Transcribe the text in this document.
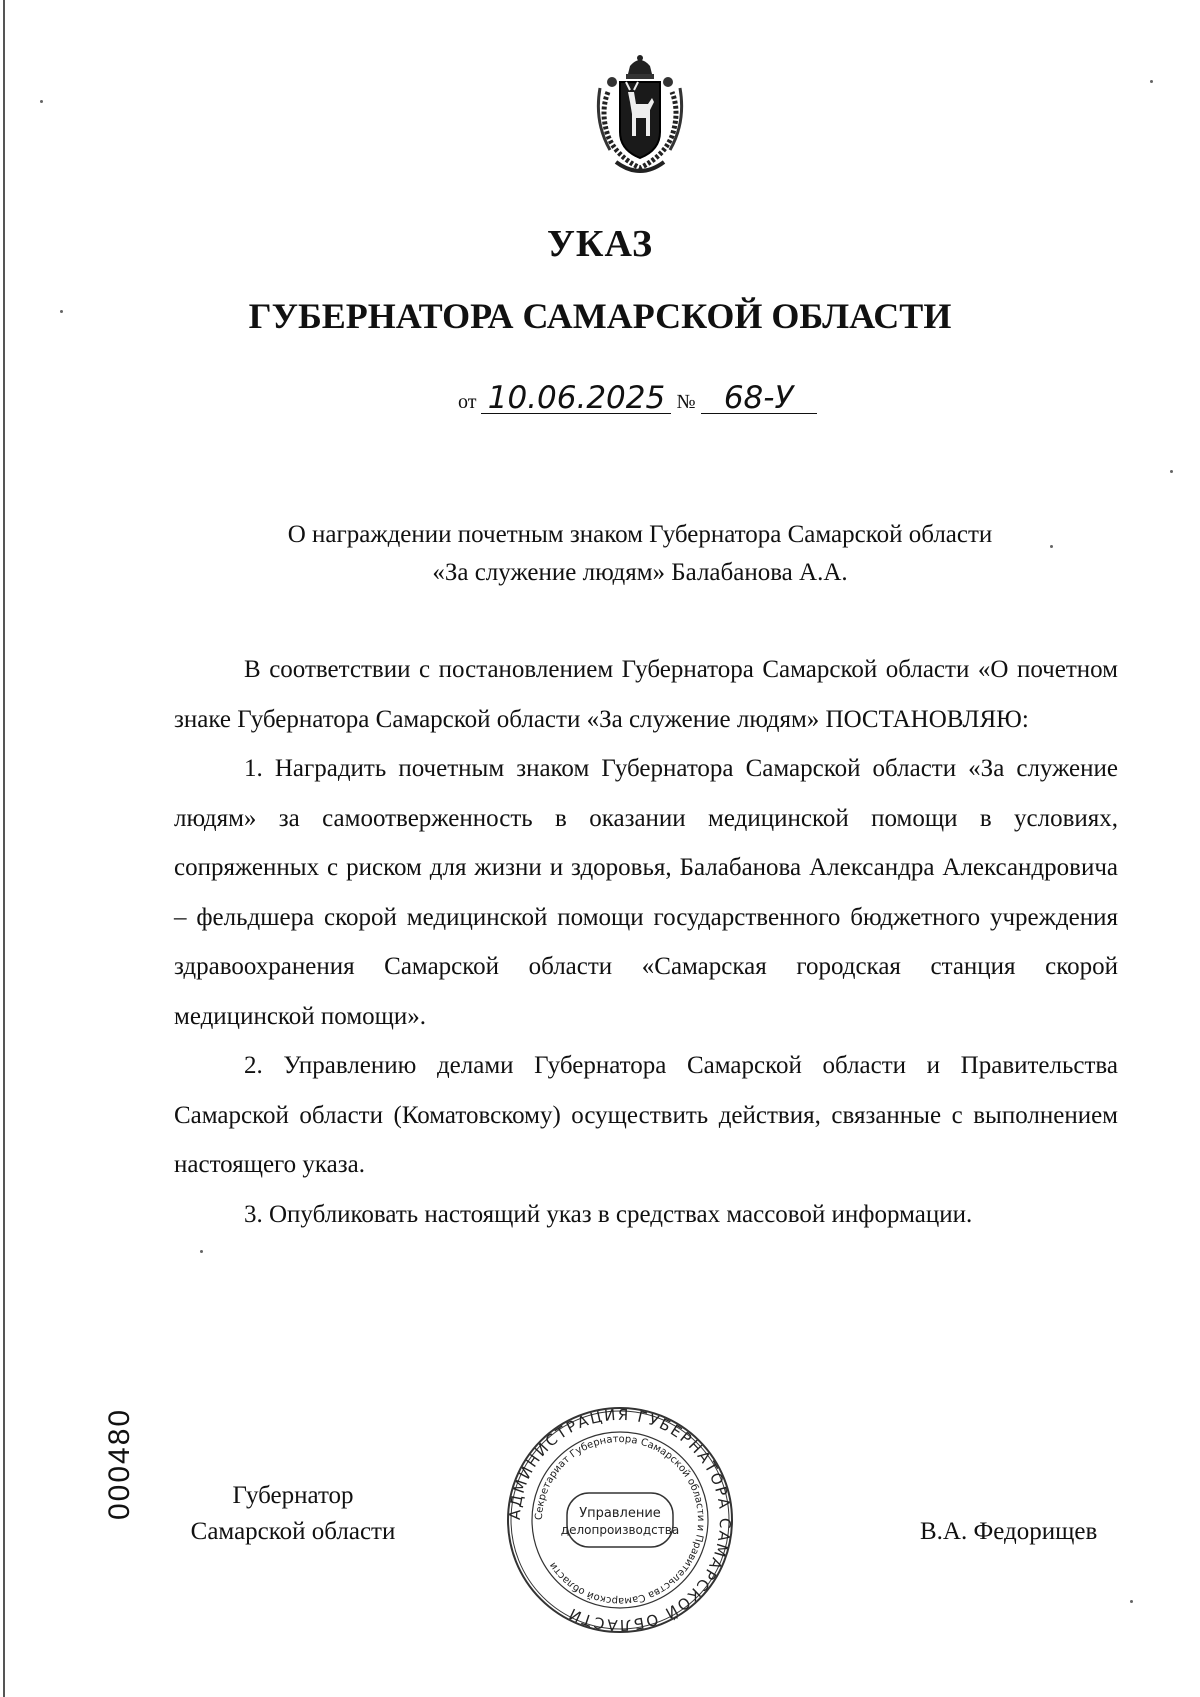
УКАЗ
ГУБЕРНАТОРА САМАРСКОЙ ОБЛАСТИ
от 10.06.2025 № 68-У
О награждении почетным знаком Губернатора Самарской области
«За служение людям» Балабанова А.А.

В соответствии с постановлением Губернатора Самарской области «О почетном знаке Губернатора Самарской области «За служение людям» ПОСТАНОВЛЯЮ:

1. Наградить почетным знаком Губернатора Самарской области «За служение людям» за самоотверженность в оказании медицинской помощи в условиях, сопряженных с риском для жизни и здоровья, Балабанова Александра Александровича – фельдшера скорой медицинской помощи государственного бюджетного учреждения здравоохранения Самарской области «Самарская городская станция скорой медицинской помощи».

2. Управлению делами Губернатора Самарской области и Правительства Самарской области (Коматовскому) осуществить действия, связанные с выполнением настоящего указа.

3. Опубликовать настоящий указ в средствах массовой информации.

000480	Губернатор
Самарской области
АДМИНИСТРАЦИЯ ГУБЕРНАТОРА САМАРСКОЙ ОБЛАСТИ
Секретариат Губернатора Самарской области и Правительства Самарской области
Управление
делопроизводства	В.А. Федорищев
